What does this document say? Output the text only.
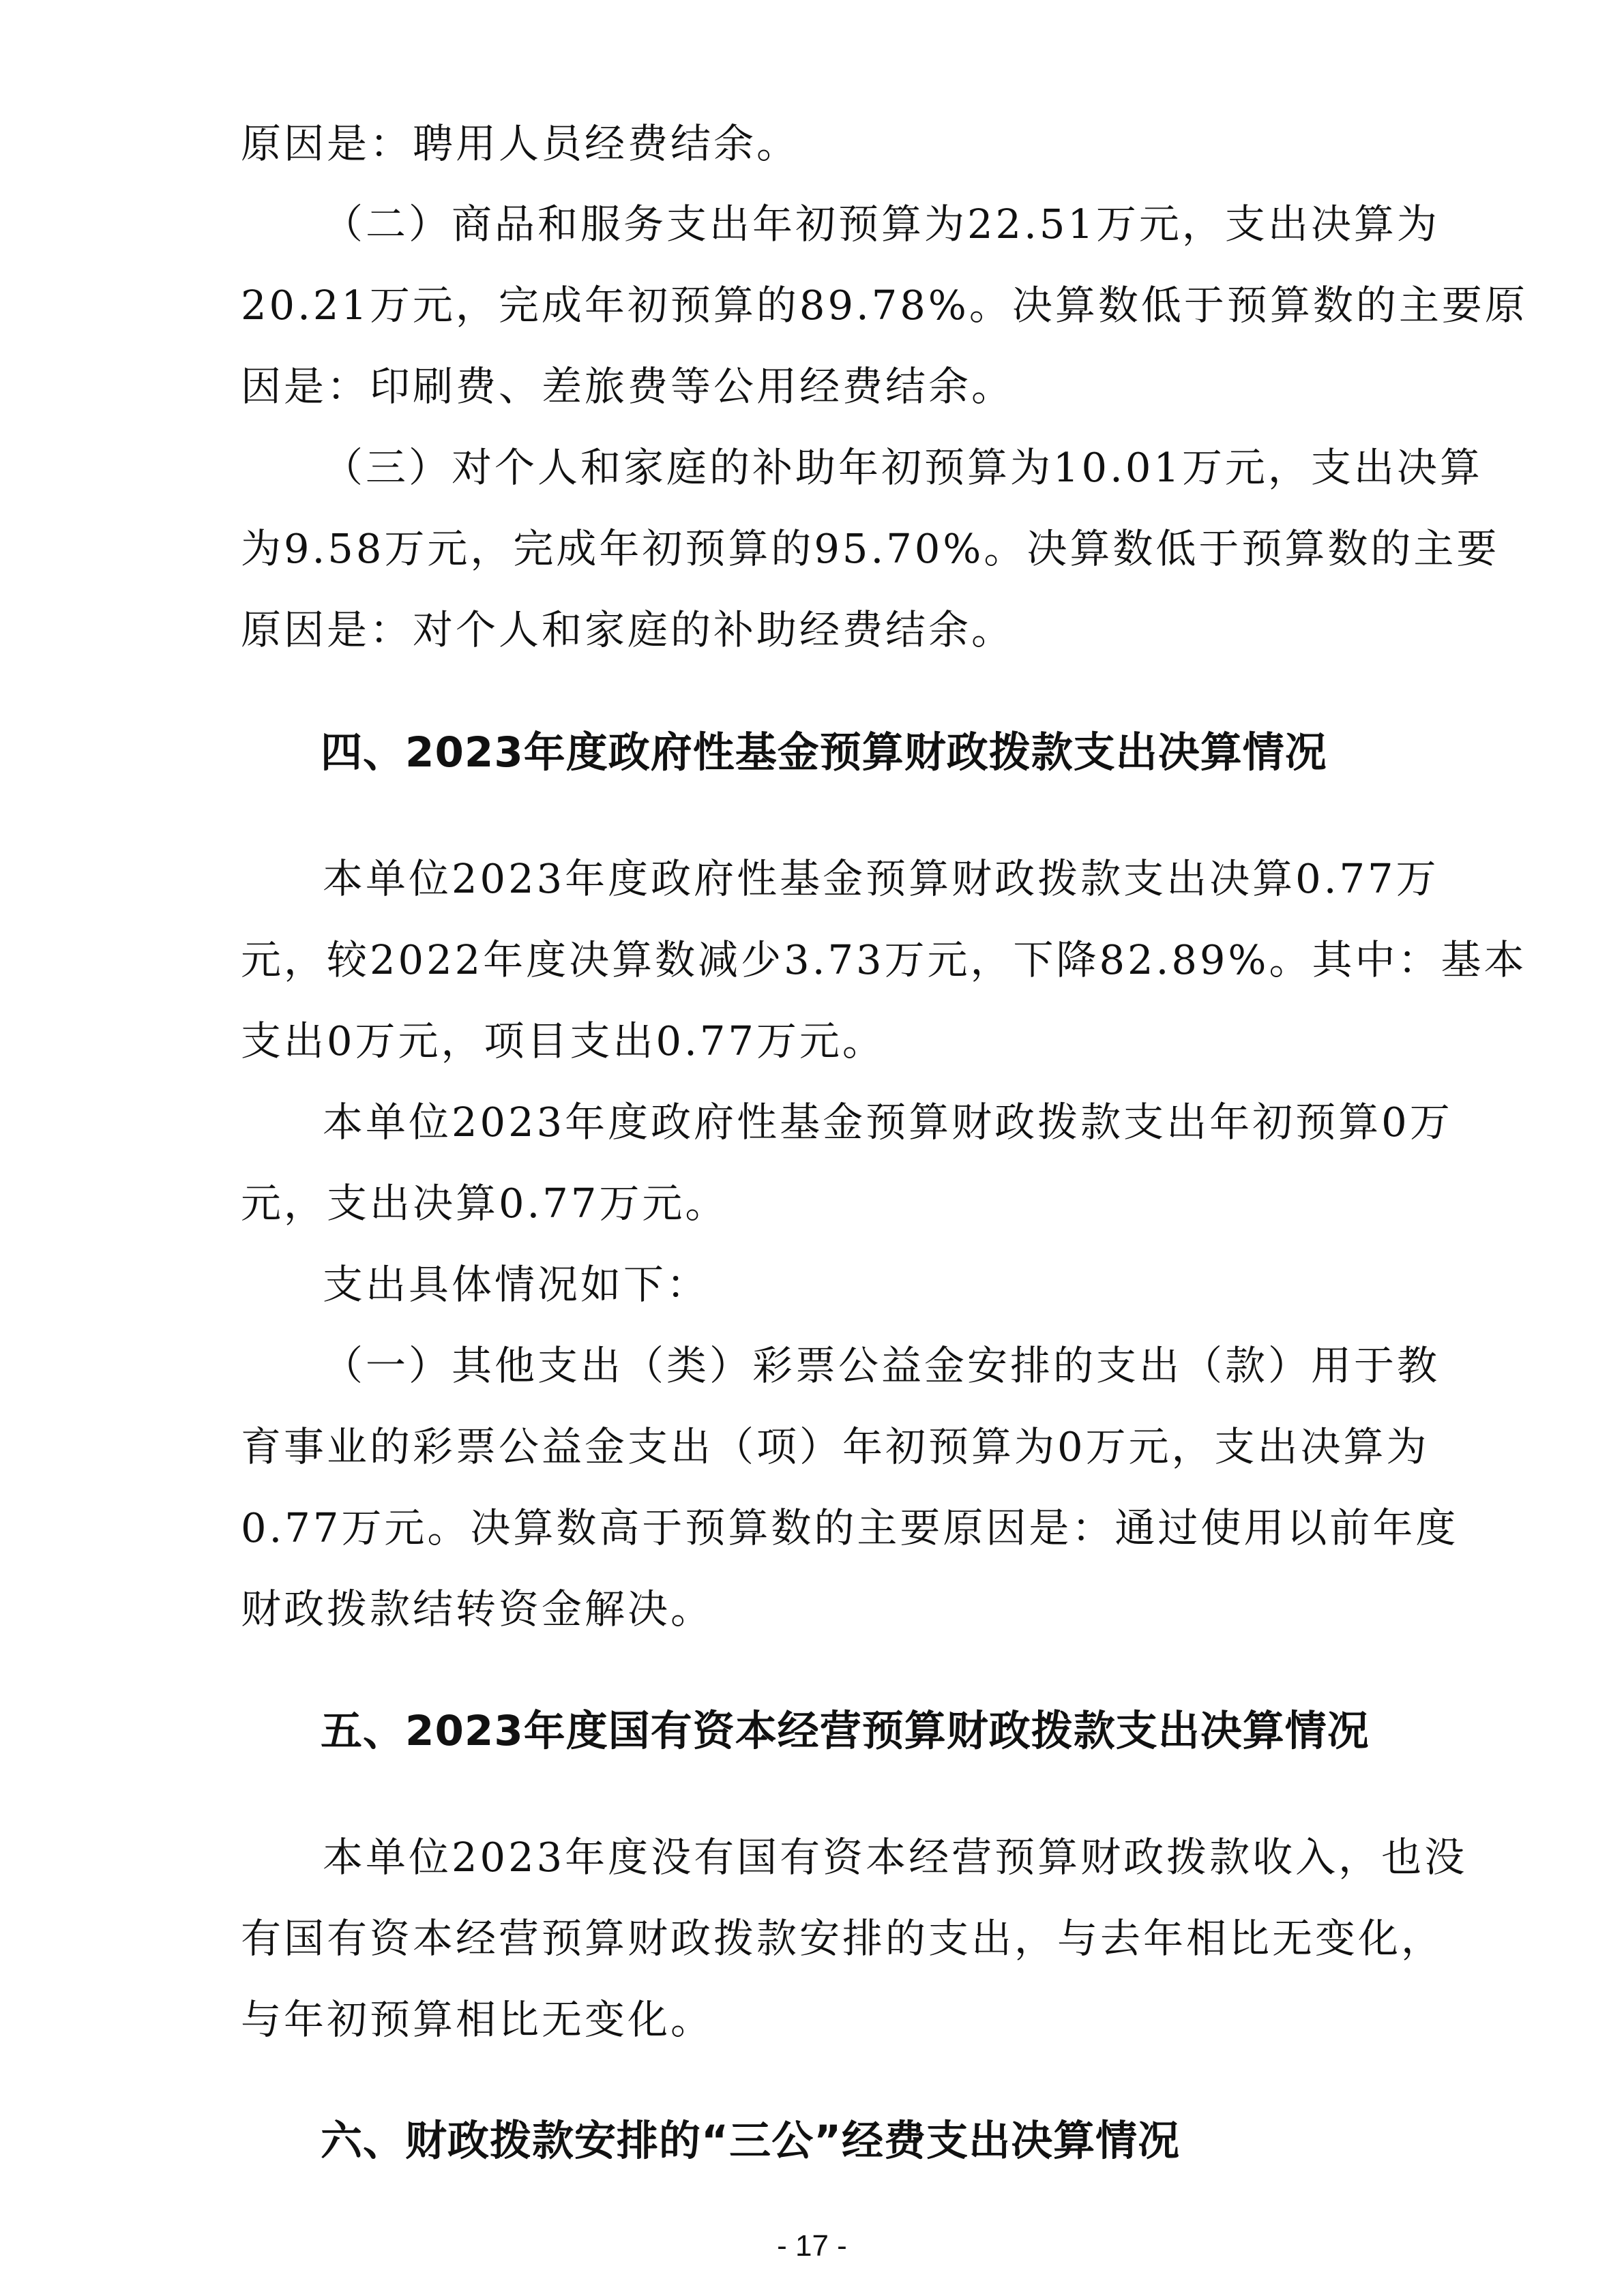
原因是：聘用人员经费结余。
（二）商品和服务支出年初预算为22.51万元，支出决算为
20.21万元，完成年初预算的89.78%。决算数低于预算数的主要原
因是：印刷费、差旅费等公用经费结余。
（三）对个人和家庭的补助年初预算为10.01万元，支出决算
为9.58万元，完成年初预算的95.70%。决算数低于预算数的主要
原因是：对个人和家庭的补助经费结余。
四、2023年度政府性基金预算财政拨款支出决算情况
本单位2023年度政府性基金预算财政拨款支出决算0.77万
元，较2022年度决算数减少3.73万元，下降82.89%。其中：基本
支出0万元，项目支出0.77万元。
本单位2023年度政府性基金预算财政拨款支出年初预算0万
元，支出决算0.77万元。
支出具体情况如下：
（一）其他支出（类）彩票公益金安排的支出（款）用于教
育事业的彩票公益金支出（项）年初预算为0万元，支出决算为
0.77万元。决算数高于预算数的主要原因是：通过使用以前年度
财政拨款结转资金解决。
五、2023年度国有资本经营预算财政拨款支出决算情况
本单位2023年度没有国有资本经营预算财政拨款收入，也没
有国有资本经营预算财政拨款安排的支出，与去年相比无变化，
与年初预算相比无变化。
六、财政拨款安排的“三公”经费支出决算情况
- 17 -
